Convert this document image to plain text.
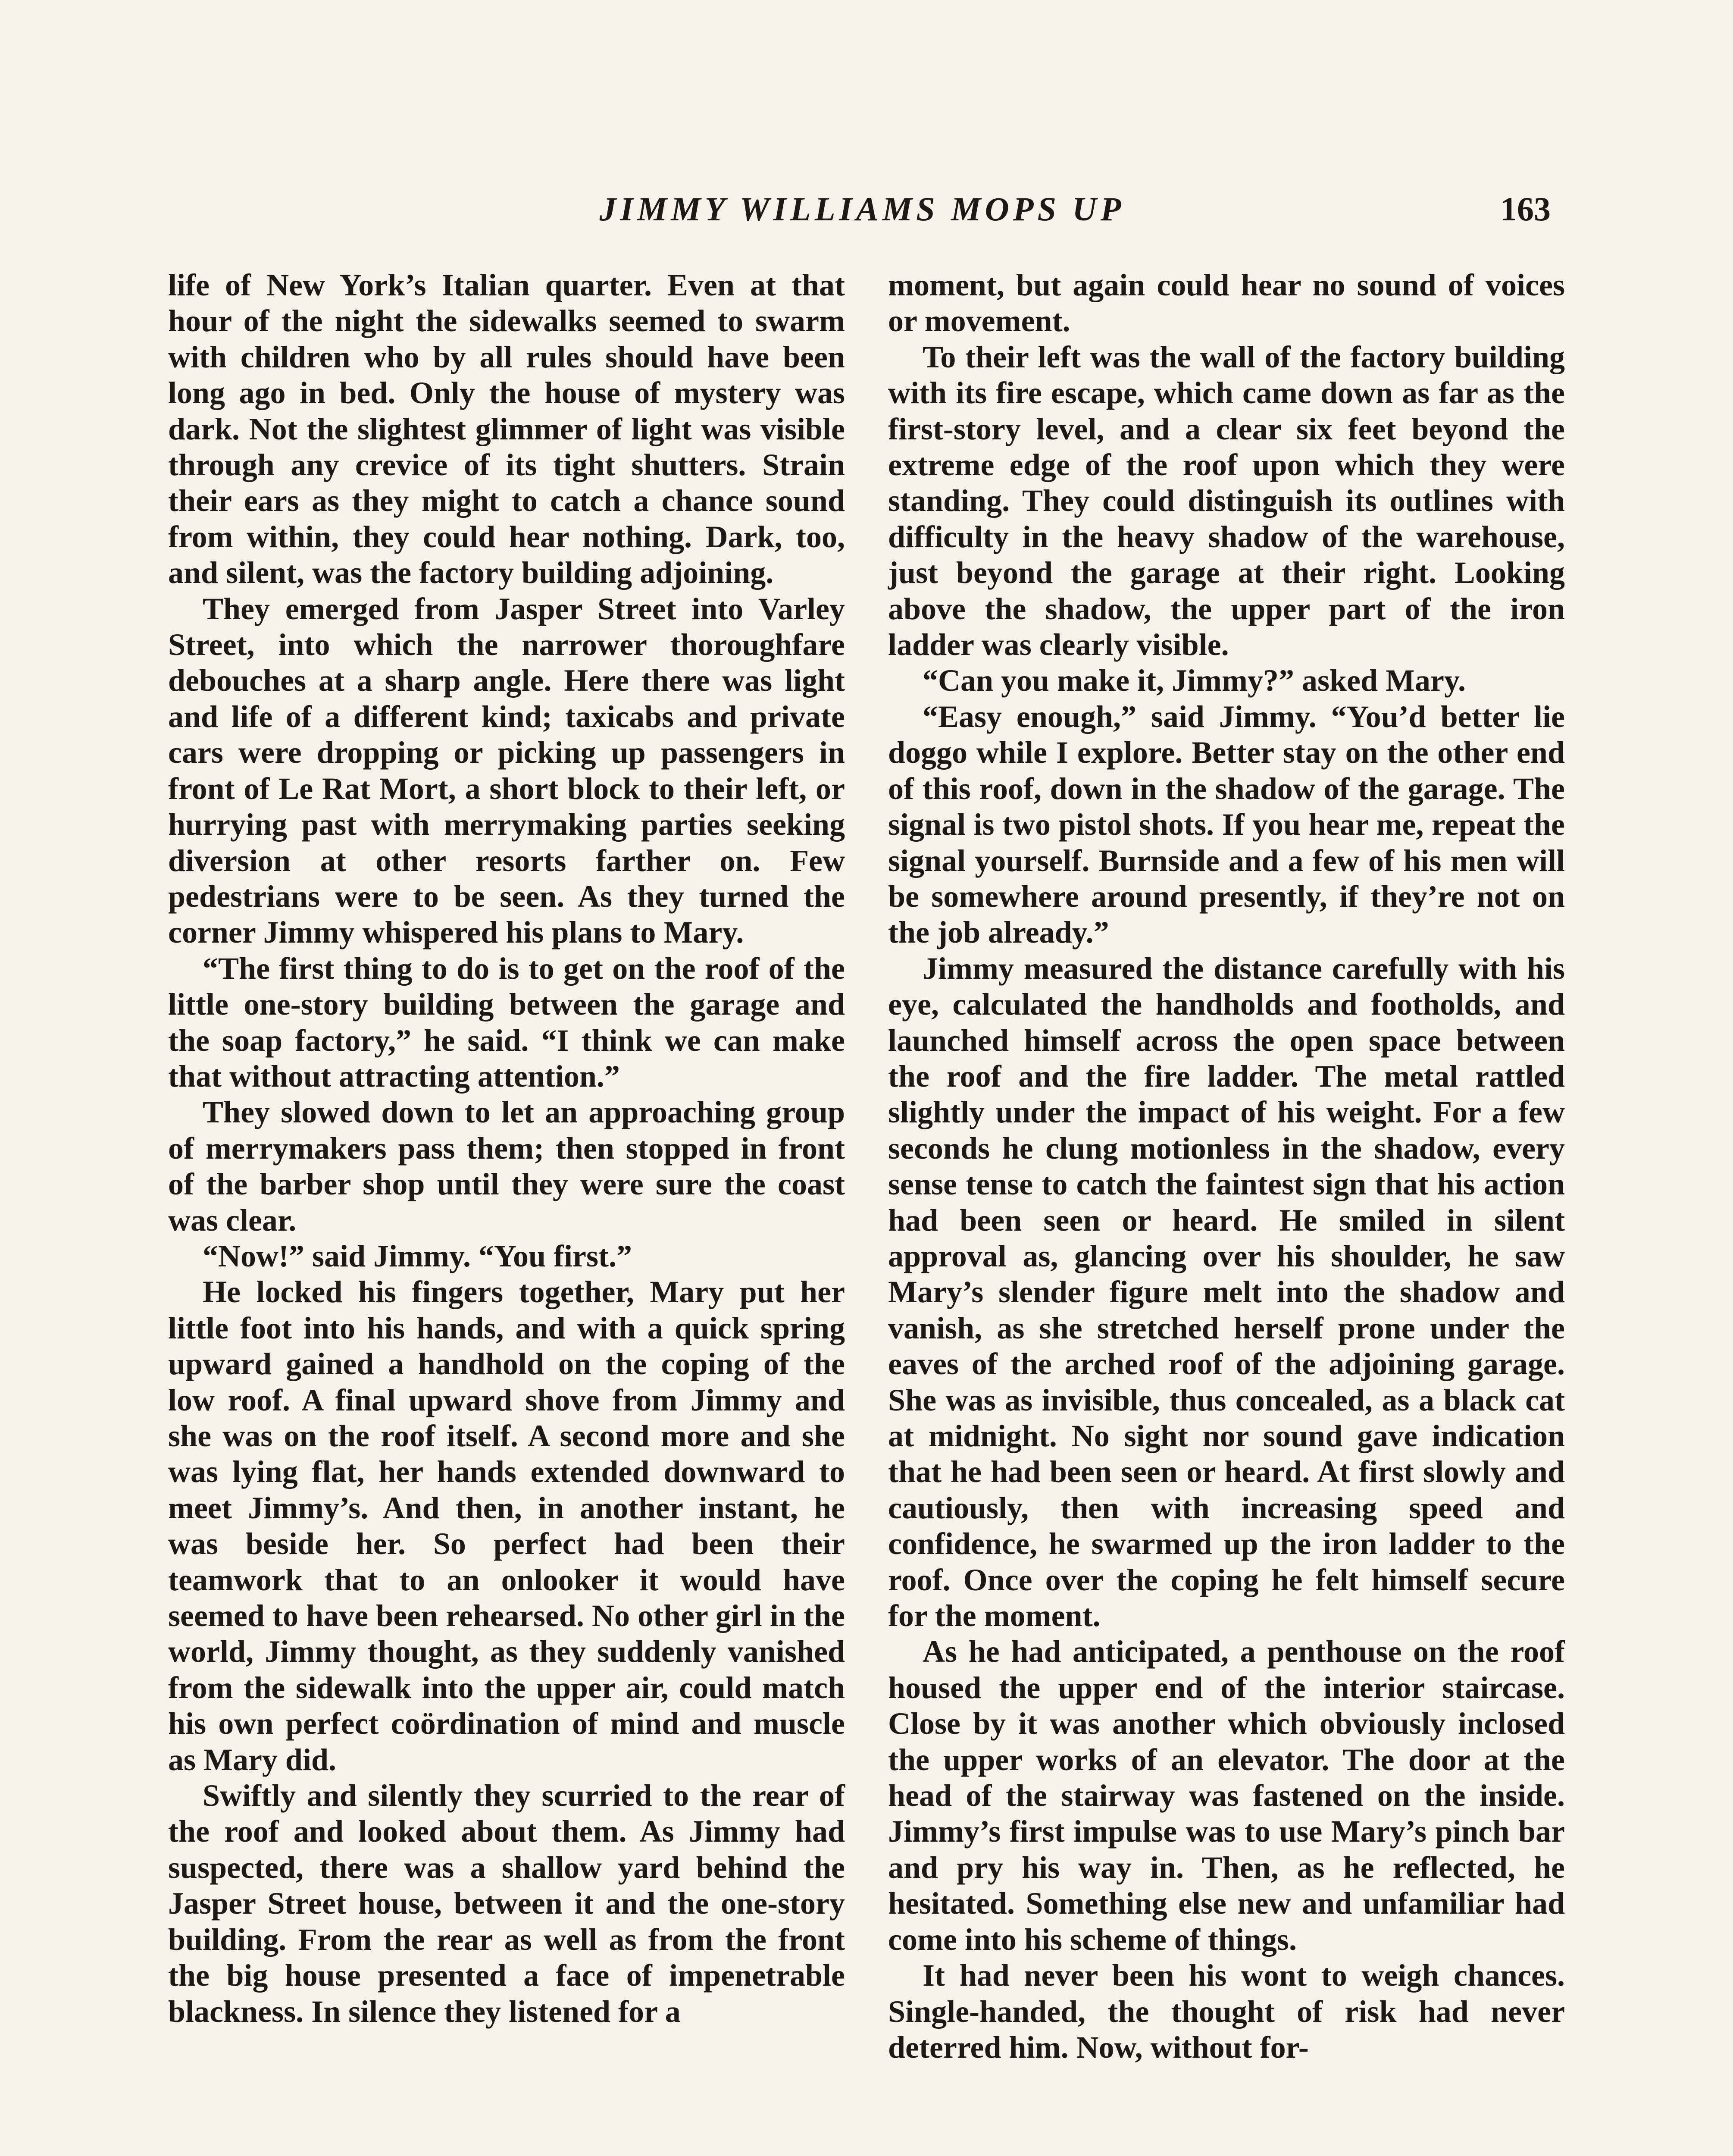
JIMMY WILLIAMS MOPS UP	163

life of New York’s Italian quarter. Even at that hour of the night the sidewalks seemed to swarm with children who by all rules should have been long ago in bed. Only the house of mystery was dark. Not the slightest glimmer of light was visible through any crevice of its tight shutters. Strain their ears as they might to catch a chance sound from within, they could hear nothing. Dark, too, and silent, was the factory building adjoining.

They emerged from Jasper Street into Varley Street, into which the narrower thoroughfare debouches at a sharp angle. Here there was light and life of a different kind; taxicabs and private cars were dropping or picking up passengers in front of Le Rat Mort, a short block to their left, or hurrying past with merrymaking parties seeking diversion at other resorts farther on. Few pedestrians were to be seen. As they turned the corner Jimmy whispered his plans to Mary.

“The first thing to do is to get on the roof of the little one-story building between the garage and the soap factory,” he said. “I think we can make that without attracting attention.”

They slowed down to let an approaching group of merrymakers pass them; then stopped in front of the barber shop until they were sure the coast was clear.

“Now!” said Jimmy. “You first.”

He locked his fingers together, Mary put her little foot into his hands, and with a quick spring upward gained a handhold on the coping of the low roof. A final upward shove from Jimmy and she was on the roof itself. A second more and she was lying flat, her hands extended downward to meet Jimmy’s. And then, in another instant, he was beside her. So perfect had been their teamwork that to an onlooker it would have seemed to have been rehearsed. No other girl in the world, Jimmy thought, as they suddenly vanished from the sidewalk into the upper air, could match his own perfect coördination of mind and muscle as Mary did.

Swiftly and silently they scurried to the rear of the roof and looked about them. As Jimmy had suspected, there was a shallow yard behind the Jasper Street house, between it and the one-story building. From the rear as well as from the front the big house presented a face of impenetrable blackness. In silence they listened for a

moment, but again could hear no sound of voices or movement.

To their left was the wall of the factory building with its fire escape, which came down as far as the first-story level, and a clear six feet beyond the extreme edge of the roof upon which they were standing. They could distinguish its outlines with difficulty in the heavy shadow of the warehouse, just beyond the garage at their right. Looking above the shadow, the upper part of the iron ladder was clearly visible.

“Can you make it, Jimmy?” asked Mary.

“Easy enough,” said Jimmy. “You’d better lie doggo while I explore. Better stay on the other end of this roof, down in the shadow of the garage. The signal is two pistol shots. If you hear me, repeat the signal yourself. Burnside and a few of his men will be somewhere around presently, if they’re not on the job already.”

Jimmy measured the distance carefully with his eye, calculated the handholds and footholds, and launched himself across the open space between the roof and the fire ladder. The metal rattled slightly under the impact of his weight. For a few seconds he clung motionless in the shadow, every sense tense to catch the faintest sign that his action had been seen or heard. He smiled in silent approval as, glancing over his shoulder, he saw Mary’s slender figure melt into the shadow and vanish, as she stretched herself prone under the eaves of the arched roof of the adjoining garage. She was as invisible, thus concealed, as a black cat at midnight. No sight nor sound gave indication that he had been seen or heard. At first slowly and cautiously, then with increasing speed and confidence, he swarmed up the iron ladder to the roof. Once over the coping he felt himself secure for the moment.

As he had anticipated, a penthouse on the roof housed the upper end of the interior staircase. Close by it was another which obviously inclosed the upper works of an elevator. The door at the head of the stairway was fastened on the inside. Jimmy’s first impulse was to use Mary’s pinch bar and pry his way in. Then, as he reflected, he hesitated. Something else new and unfamiliar had come into his scheme of things.

It had never been his wont to weigh chances. Single-handed, the thought of risk had never deterred him. Now, without for-
